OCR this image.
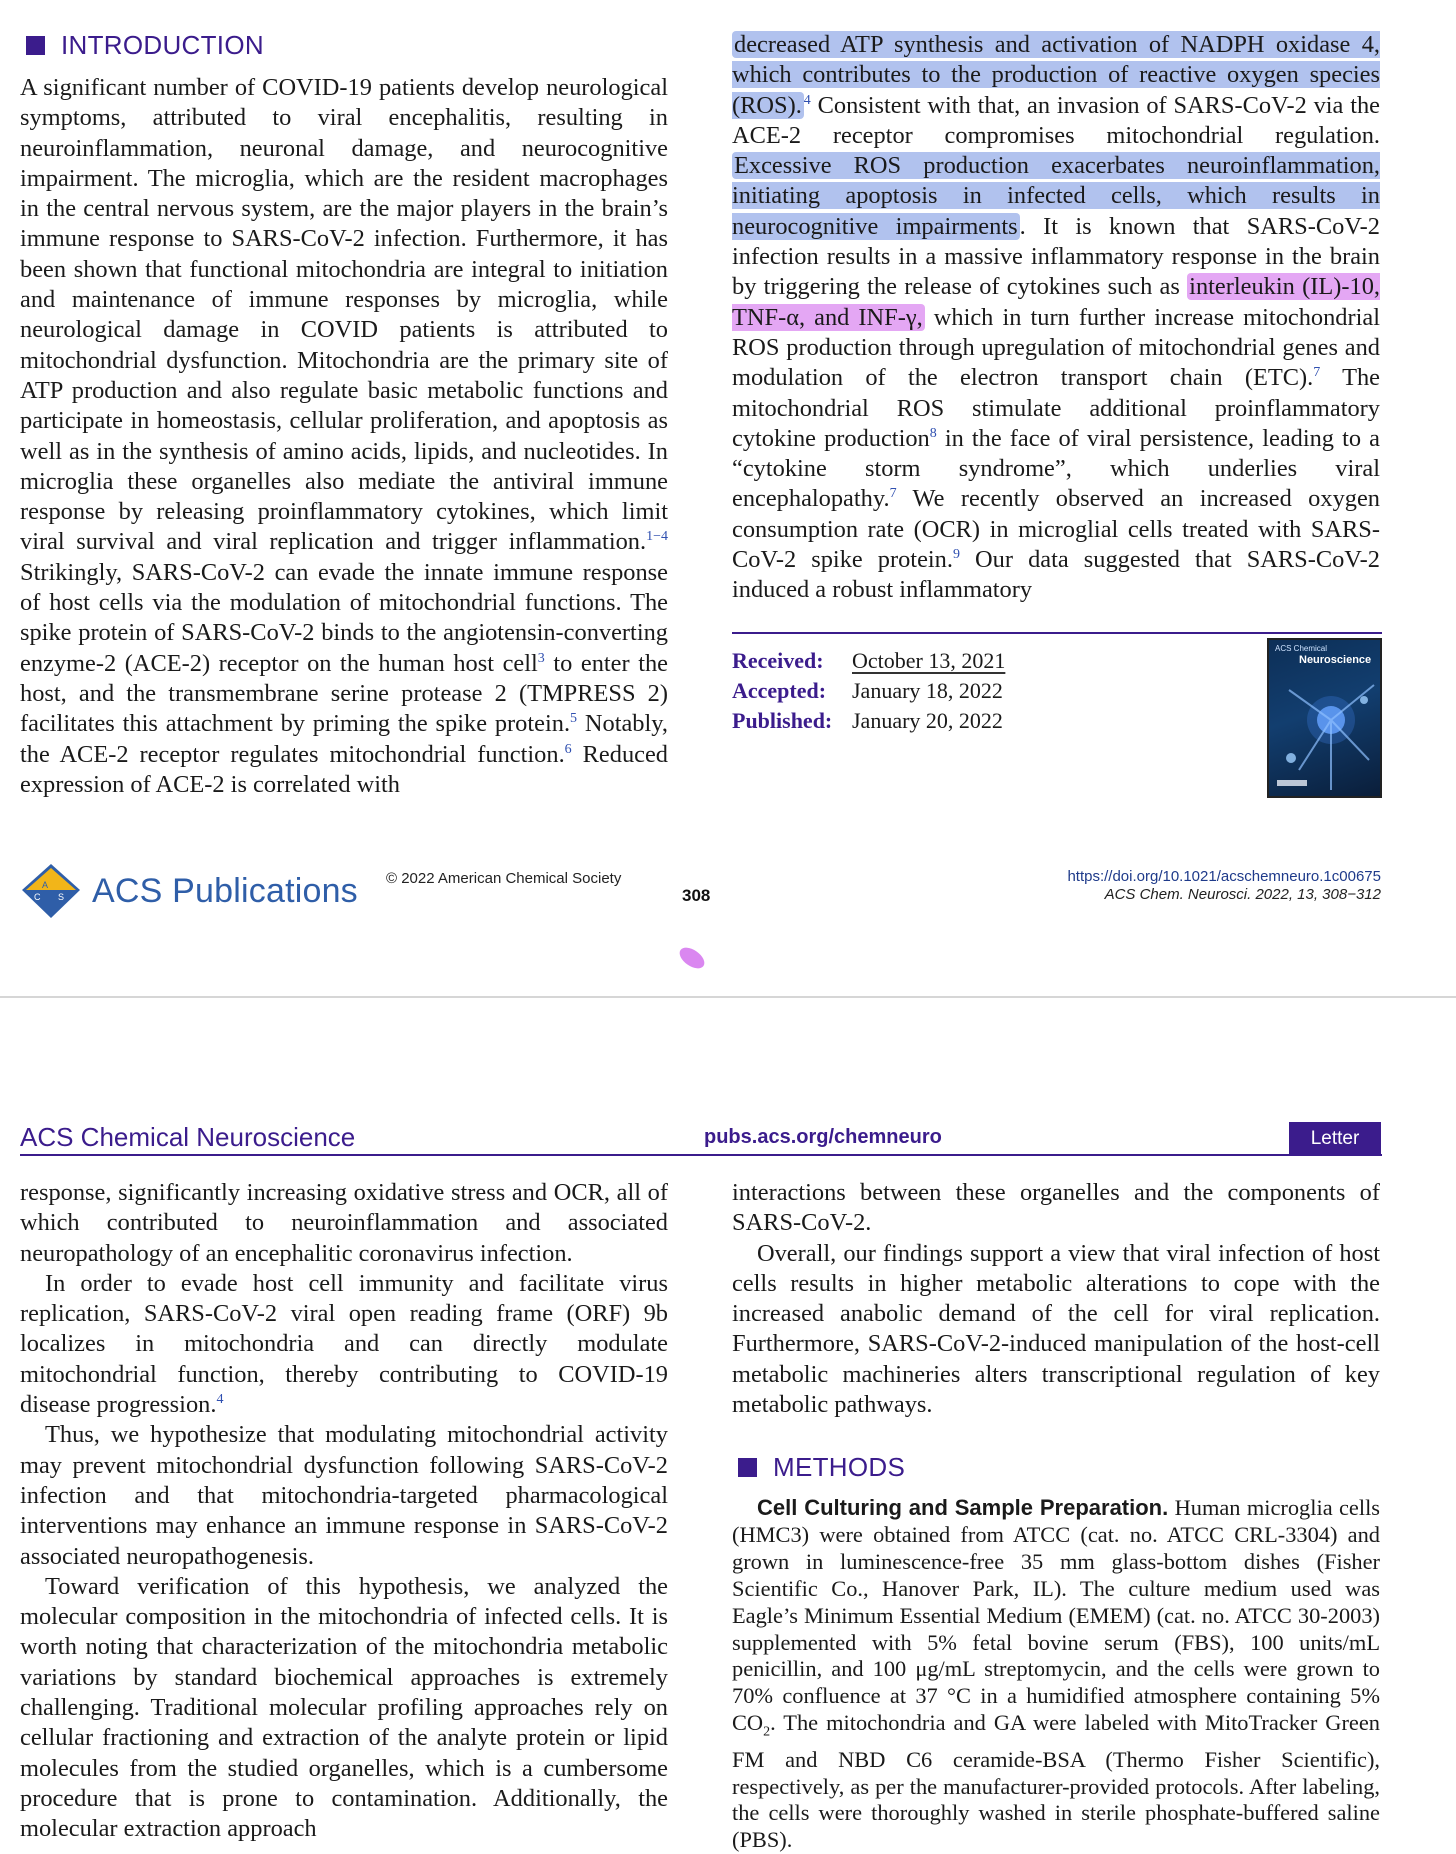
INTRODUCTION

A significant number of COVID-19 patients develop neurological symptoms, attributed to viral encephalitis, resulting in neuroinflammation, neuronal damage, and neurocognitive impairment. The microglia, which are the resident macrophages in the central nervous system, are the major players in the brain’s immune response to SARS-CoV-2 infection. Furthermore, it has been shown that functional mitochondria are integral to initiation and maintenance of immune responses by microglia, while neurological damage in COVID patients is attributed to mitochondrial dysfunction. Mitochondria are the primary site of ATP production and also regulate basic metabolic functions and participate in homeostasis, cellular proliferation, and apoptosis as well as in the synthesis of amino acids, lipids, and nucleotides. In microglia these organelles also mediate the antiviral immune response by releasing proinflammatory cytokines, which limit viral survival and viral replication and trigger inflammation.$^{1-4}$ Strikingly, SARS-CoV-2 can evade the innate immune response of host cells via the modulation of mitochondrial functions. The spike protein of SARS-CoV-2 binds to the angiotensin-converting enzyme-2 (ACE-2) receptor on the human host cell$^3$ to enter the host, and the transmembrane serine protease 2 (TMPRESS 2) facilitates this attachment by priming the spike protein.$^5$ Notably, the ACE-2 receptor regulates mitochondrial function.$^6$ Reduced expression of ACE-2 is correlated with

decreased ATP synthesis and activation of NADPH oxidase 4, which contributes to the production of reactive oxygen species (ROS). $^4$ Consistent with that, an invasion of SARS-CoV-2 via the ACE-2 receptor compromises mitochondrial regulation. Excessive ROS production exacerbates neuroinflammation, initiating apoptosis in infected cells, which results in neurocognitive impairments. It is known that SARS-CoV-2 infection results in a massive inflammatory response in the brain by triggering the release of cytokines such as interleukin (IL)-10, TNF-α, and INF-γ, which in turn further increase mitochondrial ROS production through upregulation of mitochondrial genes and modulation of the electron transport chain (ETC).$^7$ The mitochondrial ROS stimulate additional proinflammatory cytokine production$^8$ in the face of viral persistence, leading to a “cytokine storm syndrome”, which underlies viral encephalopathy.$^7$ We recently observed an increased oxygen consumption rate (OCR) in microglial cells treated with SARS-CoV-2 spike protein.$^9$ Our data suggested that SARS-CoV-2 induced a robust inflammatory

Received:	October 13, 2021
Accepted:	January 18, 2022
Published: January 20, 2022
ACS Chemical
Neuroscience
A
C S ACS Publications © 2022 American Chemical Society
308
https://doi.org/10.1021/acschemneuro.1c00675
ACS Chem. Neurosci. 2022, 13, 308−312
ACS Chemical Neuroscience	pubs.acs.org/chemneuro	Letter

response, significantly increasing oxidative stress and OCR, all of which contributed to neuroinflammation and associated neuropathology of an encephalitic coronavirus infection.

In order to evade host cell immunity and facilitate virus replication, SARS-CoV-2 viral open reading frame (ORF) 9b localizes in mitochondria and can directly modulate mitochondrial function, thereby contributing to COVID-19 disease progression.$^4$

Thus, we hypothesize that modulating mitochondrial activity may prevent mitochondrial dysfunction following SARS-CoV-2 infection and that mitochondria-targeted pharmacological interventions may enhance an immune response in SARS-CoV-2 associated neuropathogenesis.

Toward verification of this hypothesis, we analyzed the molecular composition in the mitochondria of infected cells. It is worth noting that characterization of the mitochondria metabolic variations by standard biochemical approaches is extremely challenging. Traditional molecular profiling approaches rely on cellular fractioning and extraction of the analyte protein or lipid molecules from the studied organelles, which is a cumbersome procedure that is prone to contamination. Additionally, the molecular extraction approach

interactions between these organelles and the components of SARS-CoV-2.

Overall, our findings support a view that viral infection of host cells results in higher metabolic alterations to cope with the increased anabolic demand of the cell for viral replication. Furthermore, SARS-CoV-2-induced manipulation of the host-cell metabolic machineries alters transcriptional regulation of key metabolic pathways.

METHODS

Cell Culturing and Sample Preparation. Human microglia cells (HMC3) were obtained from ATCC (cat. no. ATCC CRL-3304) and grown in luminescence-free 35 mm glass-bottom dishes (Fisher Scientific Co., Hanover Park, IL). The culture medium used was Eagle’s Minimum Essential Medium (EMEM) (cat. no. ATCC 30-2003) supplemented with 5% fetal bovine serum (FBS), 100 units/mL penicillin, and 100 μg/mL streptomycin, and the cells were grown to 70% confluence at 37 °C in a humidified atmosphere containing 5% $CO_2$. The mitochondria and GA were labeled with MitoTracker Green FM and NBD C6 ceramide-BSA (Thermo Fisher Scientific), respectively, as per the manufacturer-provided protocols. After labeling, the cells were thoroughly washed in sterile phosphate-buffered saline (PBS).
